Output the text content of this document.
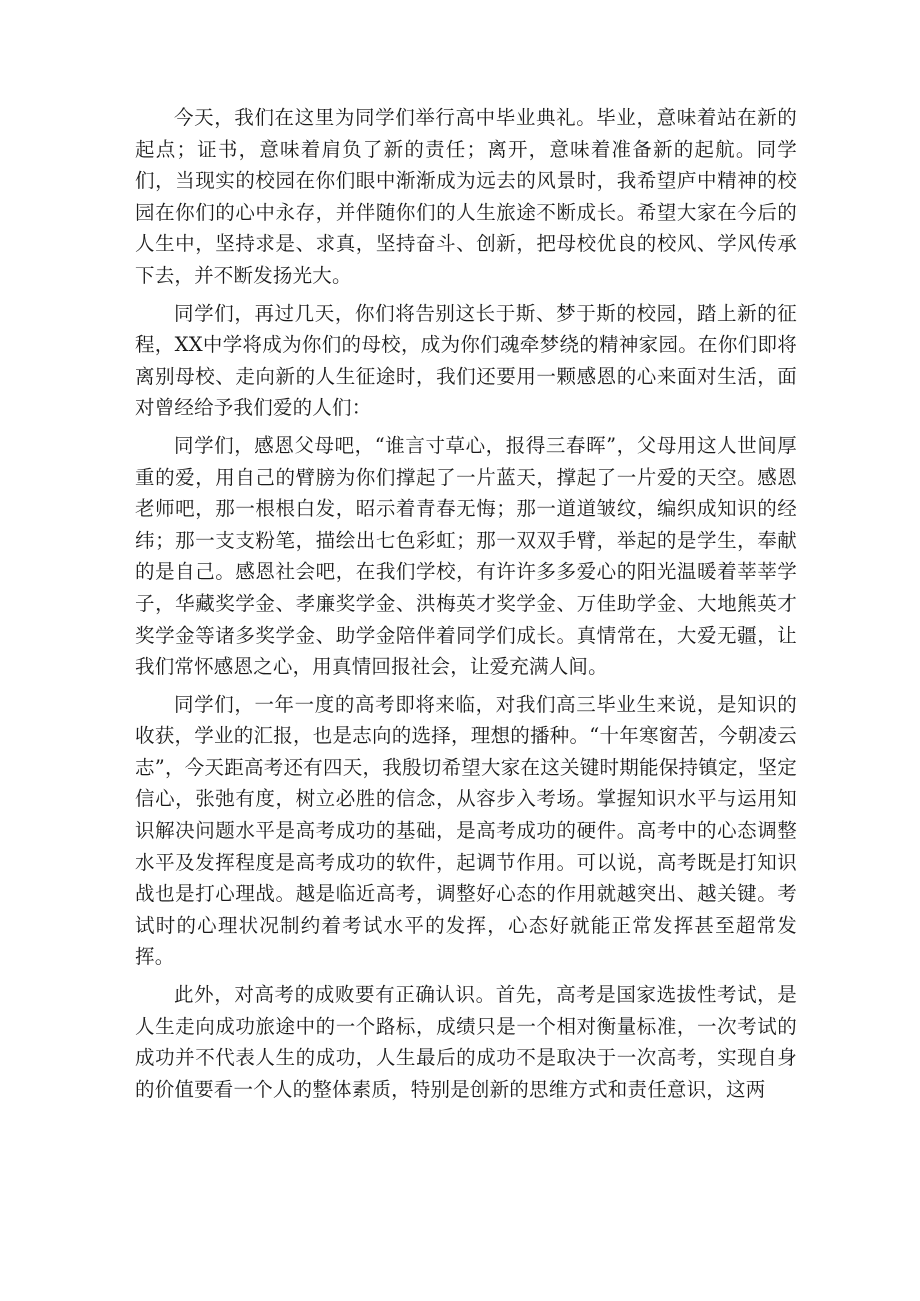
今天，我们在这里为同学们举行高中毕业典礼。毕业，意味着站在新的起点；证书，意味着肩负了新的责任；离开，意味着准备新的起航。同学们，当现实的校园在你们眼中渐渐成为远去的风景时，我希望庐中精神的校园在你们的心中永存，并伴随你们的人生旅途不断成长。希望大家在今后的人生中，坚持求是、求真，坚持奋斗、创新，把母校优良的校风、学风传承下去，并不断发扬光大。

同学们，再过几天，你们将告别这长于斯、梦于斯的校园，踏上新的征程，XX中学将成为你们的母校，成为你们魂牵梦绕的精神家园。在你们即将离别母校、走向新的人生征途时，我们还要用一颗感恩的心来面对生活，面对曾经给予我们爱的人们：

同学们，感恩父母吧，“谁言寸草心，报得三春晖”，父母用这人世间厚重的爱，用自己的臂膀为你们撑起了一片蓝天，撑起了一片爱的天空。感恩老师吧，那一根根白发，昭示着青春无悔；那一道道皱纹，编织成知识的经纬；那一支支粉笔，描绘出七色彩虹；那一双双手臂，举起的是学生，奉献的是自己。感恩社会吧，在我们学校，有许许多多爱心的阳光温暖着莘莘学子，华藏奖学金、孝廉奖学金、洪梅英才奖学金、万佳助学金、大地熊英才奖学金等诸多奖学金、助学金陪伴着同学们成长。真情常在，大爱无疆，让我们常怀感恩之心，用真情回报社会，让爱充满人间。

同学们，一年一度的高考即将来临，对我们高三毕业生来说，是知识的收获，学业的汇报，也是志向的选择，理想的播种。“十年寒窗苦，今朝凌云志”，今天距高考还有四天，我殷切希望大家在这关键时期能保持镇定，坚定信心，张弛有度，树立必胜的信念，从容步入考场。掌握知识水平与运用知识解决问题水平是高考成功的基础，是高考成功的硬件。高考中的心态调整水平及发挥程度是高考成功的软件，起调节作用。可以说，高考既是打知识战也是打心理战。越是临近高考，调整好心态的作用就越突出、越关键。考试时的心理状况制约着考试水平的发挥，心态好就能正常发挥甚至超常发挥。

此外，对高考的成败要有正确认识。首先，高考是国家选拔性考试，是人生走向成功旅途中的一个路标，成绩只是一个相对衡量标准，一次考试的成功并不代表人生的成功，人生最后的成功不是取决于一次高考，实现自身的价值要看一个人的整体素质，特别是创新的思维方式和责任意识，这两
